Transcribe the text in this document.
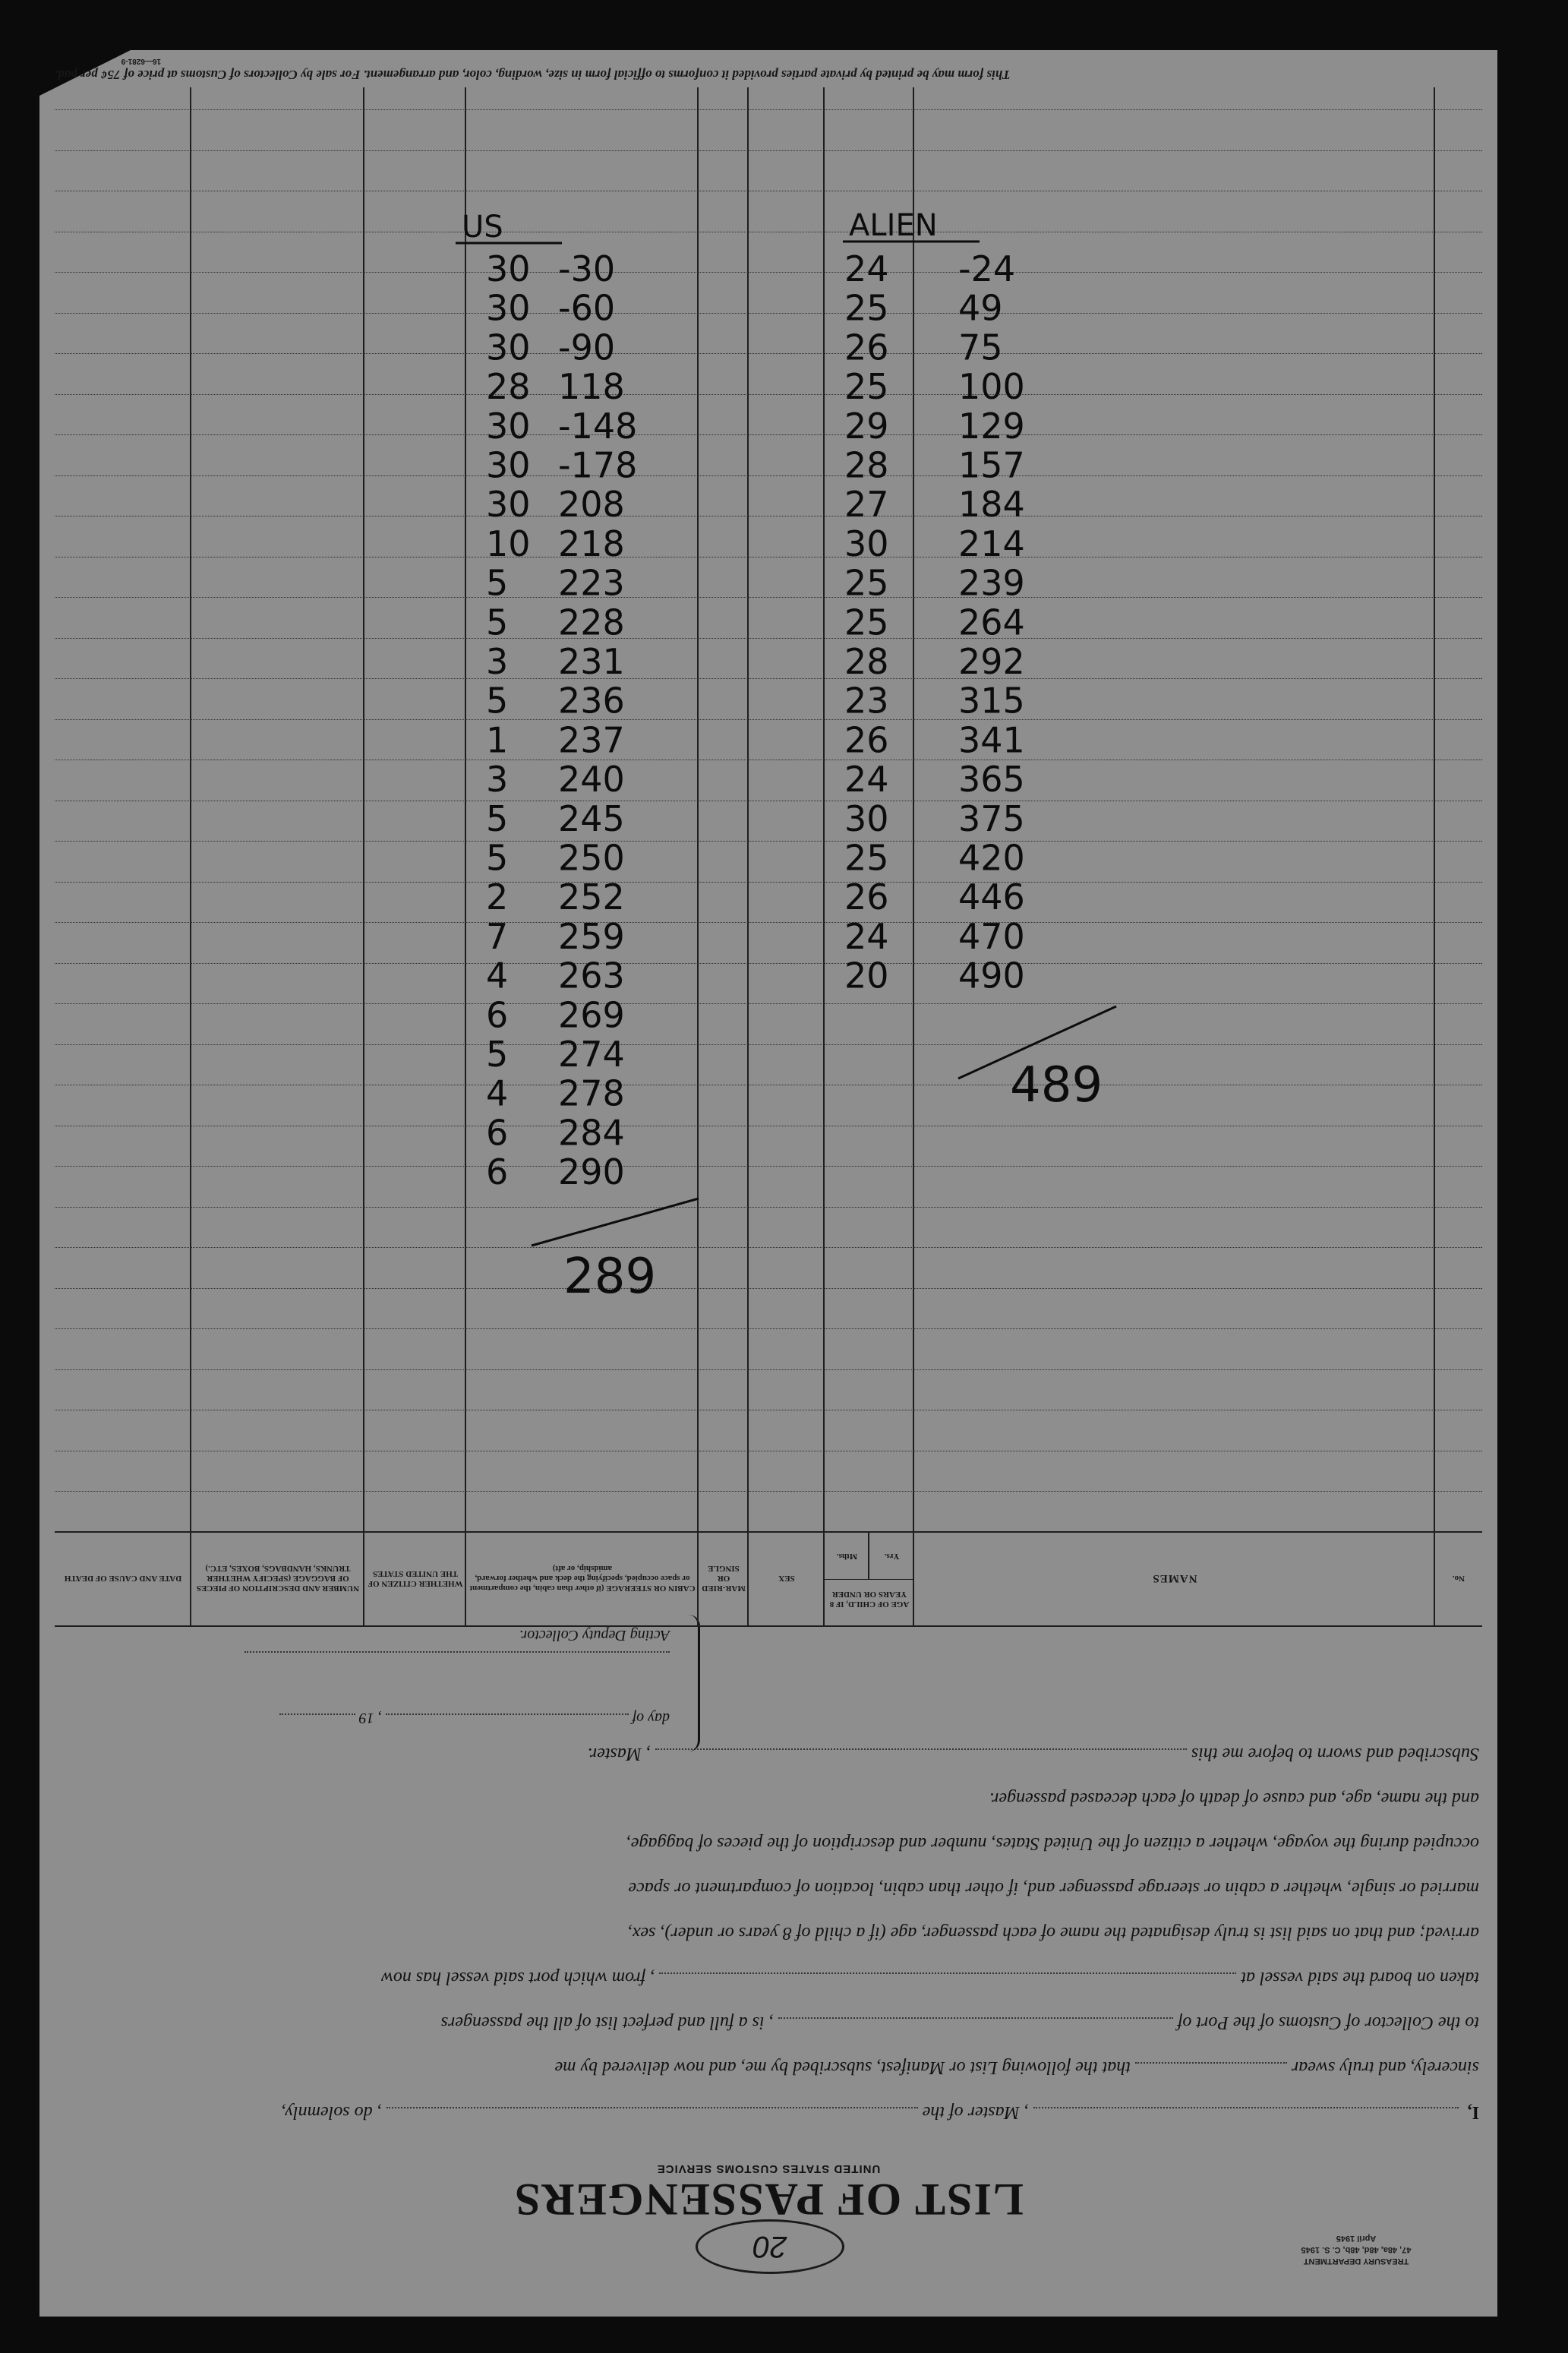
TREASURY DEPARTMENT
47, 48a, 48d, 48b, C. S. 1945
April 1945
20
LIST OF PASSENGERS
UNITED STATES CUSTOMS SERVICE

I,  , Master of the  , do solemnly,

sincerely, and truly swear  that the following List or Manifest, subscribed by me, and now delivered by me

to the Collector of Customs of the Port of  , is a full and perfect list of all the passengers

taken on board the said vessel at  , from which port said vessel has now

arrived; and that on said list is truly designated the name of each passenger, age (if a child of 8 years or under), sex,

married or single, whether a cabin or steerage passenger and, if other than cabin, location of compartment or space

occupied during the voyage, whether a citizen of the United States, number and description of the pieces of baggage,

and the name, age, and cause of death of each deceased passenger.

Subscribed and sworn to before me this  , Master.

day of  , 19
Acting Deputy Collector.
No.
NAMES
AGE OF CHILD, IF 8 YEARS OR UNDER
Yrs.
Mths.
SEX
MAR-RIED OR SINGLE
CABIN OR STEERAGE (if other than cabin, the compartment or space occupied, specifying the deck and whether forward, amidship, or aft)
WHETHER CITIZEN OF THE UNITED STATES
NUMBER AND DESCRIPTION OF PIECES OF BAGGAGE (SPECIFY WHETHER TRUNKS, HANDBAGS, BOXES, ETC.)
DATE AND CAUSE OF DEATH
This form may be printed by private parties provided it conforms to official form in size, wording, color, and arrangement. For sale by Collectors of Customs at price of 75¢ per pad.
16—6281-9
US	ALIEN
30 -30
30 -60
30 -90
28 118
30 -148
30 -178
30 208
10 218
5 223
5 228
3 231
5 236
1 237
3 240
5 245
5 250
2 252
7 259
4 263
6 269
5 274
4 278
6 284
6 290
24 -24
25 49
26 75
25 100
29 129
28 157
27 184
30 214
25 239
25 264
28 292
23 315
26 341
24 365
30 375
25 420
26 446
24 470
20 490
289
489
